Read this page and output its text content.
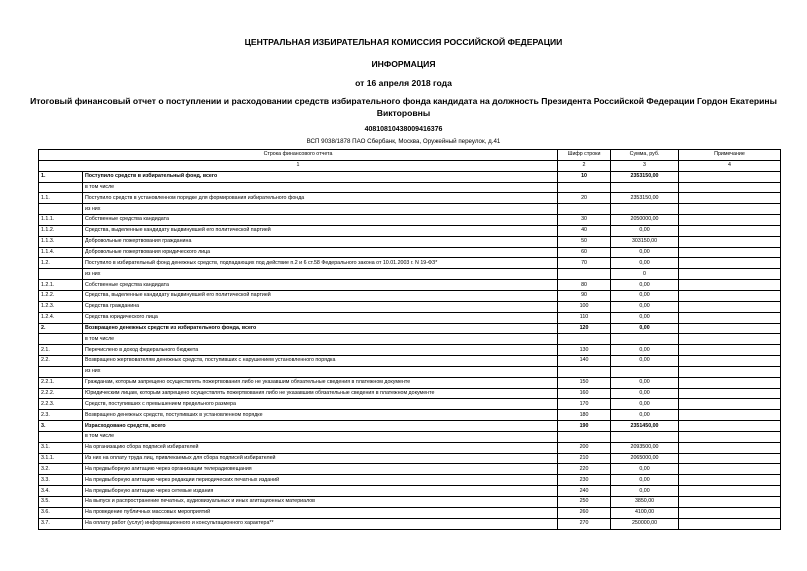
ЦЕНТРАЛЬНАЯ ИЗБИРАТЕЛЬНАЯ КОМИССИЯ РОССИЙСКОЙ ФЕДЕРАЦИИ
ИНФОРМАЦИЯ
от 16 апреля 2018 года
Итоговый финансовый отчет о поступлении и расходовании средств избирательного фонда кандидата на должность Президента Российской Федерации Гордон Екатерины Викторовны
40810810438009416376
ВСП 9038/1878 ПАО Сбербанк, Москва, Оружейный переулок, д.41
Строка финансового отчета		Шифр строки	Сумма, руб.	Примечание
1		2	3	4
1.	Поступило средств в избирательный фонд, всего	10	2353150,00	
	в том числе			
1.1.	Поступило средств в установленном порядке для формирования избирательного фонда	20	2353150,00	
	из них			
1.1.1.	Собственные средства кандидата	30	2050000,00	
1.1.2.	Средства, выделенные кандидату выдвинувшей его политической партией	40	0,00	
1.1.3.	Добровольные пожертвования гражданина	50	303150,00	
1.1.4.	Добровольные пожертвования юридического лица	60	0,00	
1.2.	Поступило в избирательный фонд денежных средств, подпадающих под действие п.2 и 6 ст.58 Федерального закона от 10.01.2003 г. N 19-ФЗ*	70	0,00	
	из них		0	
1.2.1.	Собственные средства кандидата	80	0,00	
1.2.2.	Средства, выделенные кандидату выдвинувшей его политической партией	90	0,00	
1.2.3.	Средства гражданина	100	0,00	
1.2.4.	Средства юридического лица	110	0,00	
2.	Возвращено денежных средств из избирательного фонда, всего	120	0,00	
	в том числе			
2.1.	Перечислено в доход федерального бюджета	130	0,00	
2.2.	Возвращено жертвователям денежных средств, поступивших с нарушением установленного порядка	140	0,00	
	из них			
2.2.1.	Гражданам, которым запрещено осуществлять пожертвования либо не указавшим обязательные сведения в платежном документе	150	0,00	
2.2.2.	Юридическим лицам, которым запрещено осуществлять пожертвования либо не указавшим обязательные сведения в платежном документе	160	0,00	
2.2.3.	Средств, поступивших с превышением предельного размера	170	0,00	
2.3.	Возвращено денежных средств, поступивших в установленном порядке	180	0,00	
3.	Израсходовано средств, всего	190	2351450,00	
	в том числе			
3.1.	На организацию сбора подписей избирателей	200	2093500,00	
3.1.1.	Из них на оплату труда лиц, привлекаемых для сбора подписей избирателей	210	2065000,00	
3.2.	На предвыборную агитацию через организации телерадиовещания	220	0,00	
3.3.	На предвыборную агитацию через редакции периодических печатных изданий	230	0,00	
3.4.	На предвыборную агитацию через сетевые издания	240	0,00	
3.5.	На выпуск и распространение печатных, аудиовизуальных и иных агитационных материалов	250	3850,00	
3.6.	На проведение публичных массовых мероприятий	260	4100,00	
3.7.	На оплату работ (услуг) информационного и консультационного характера**	270	250000,00	
